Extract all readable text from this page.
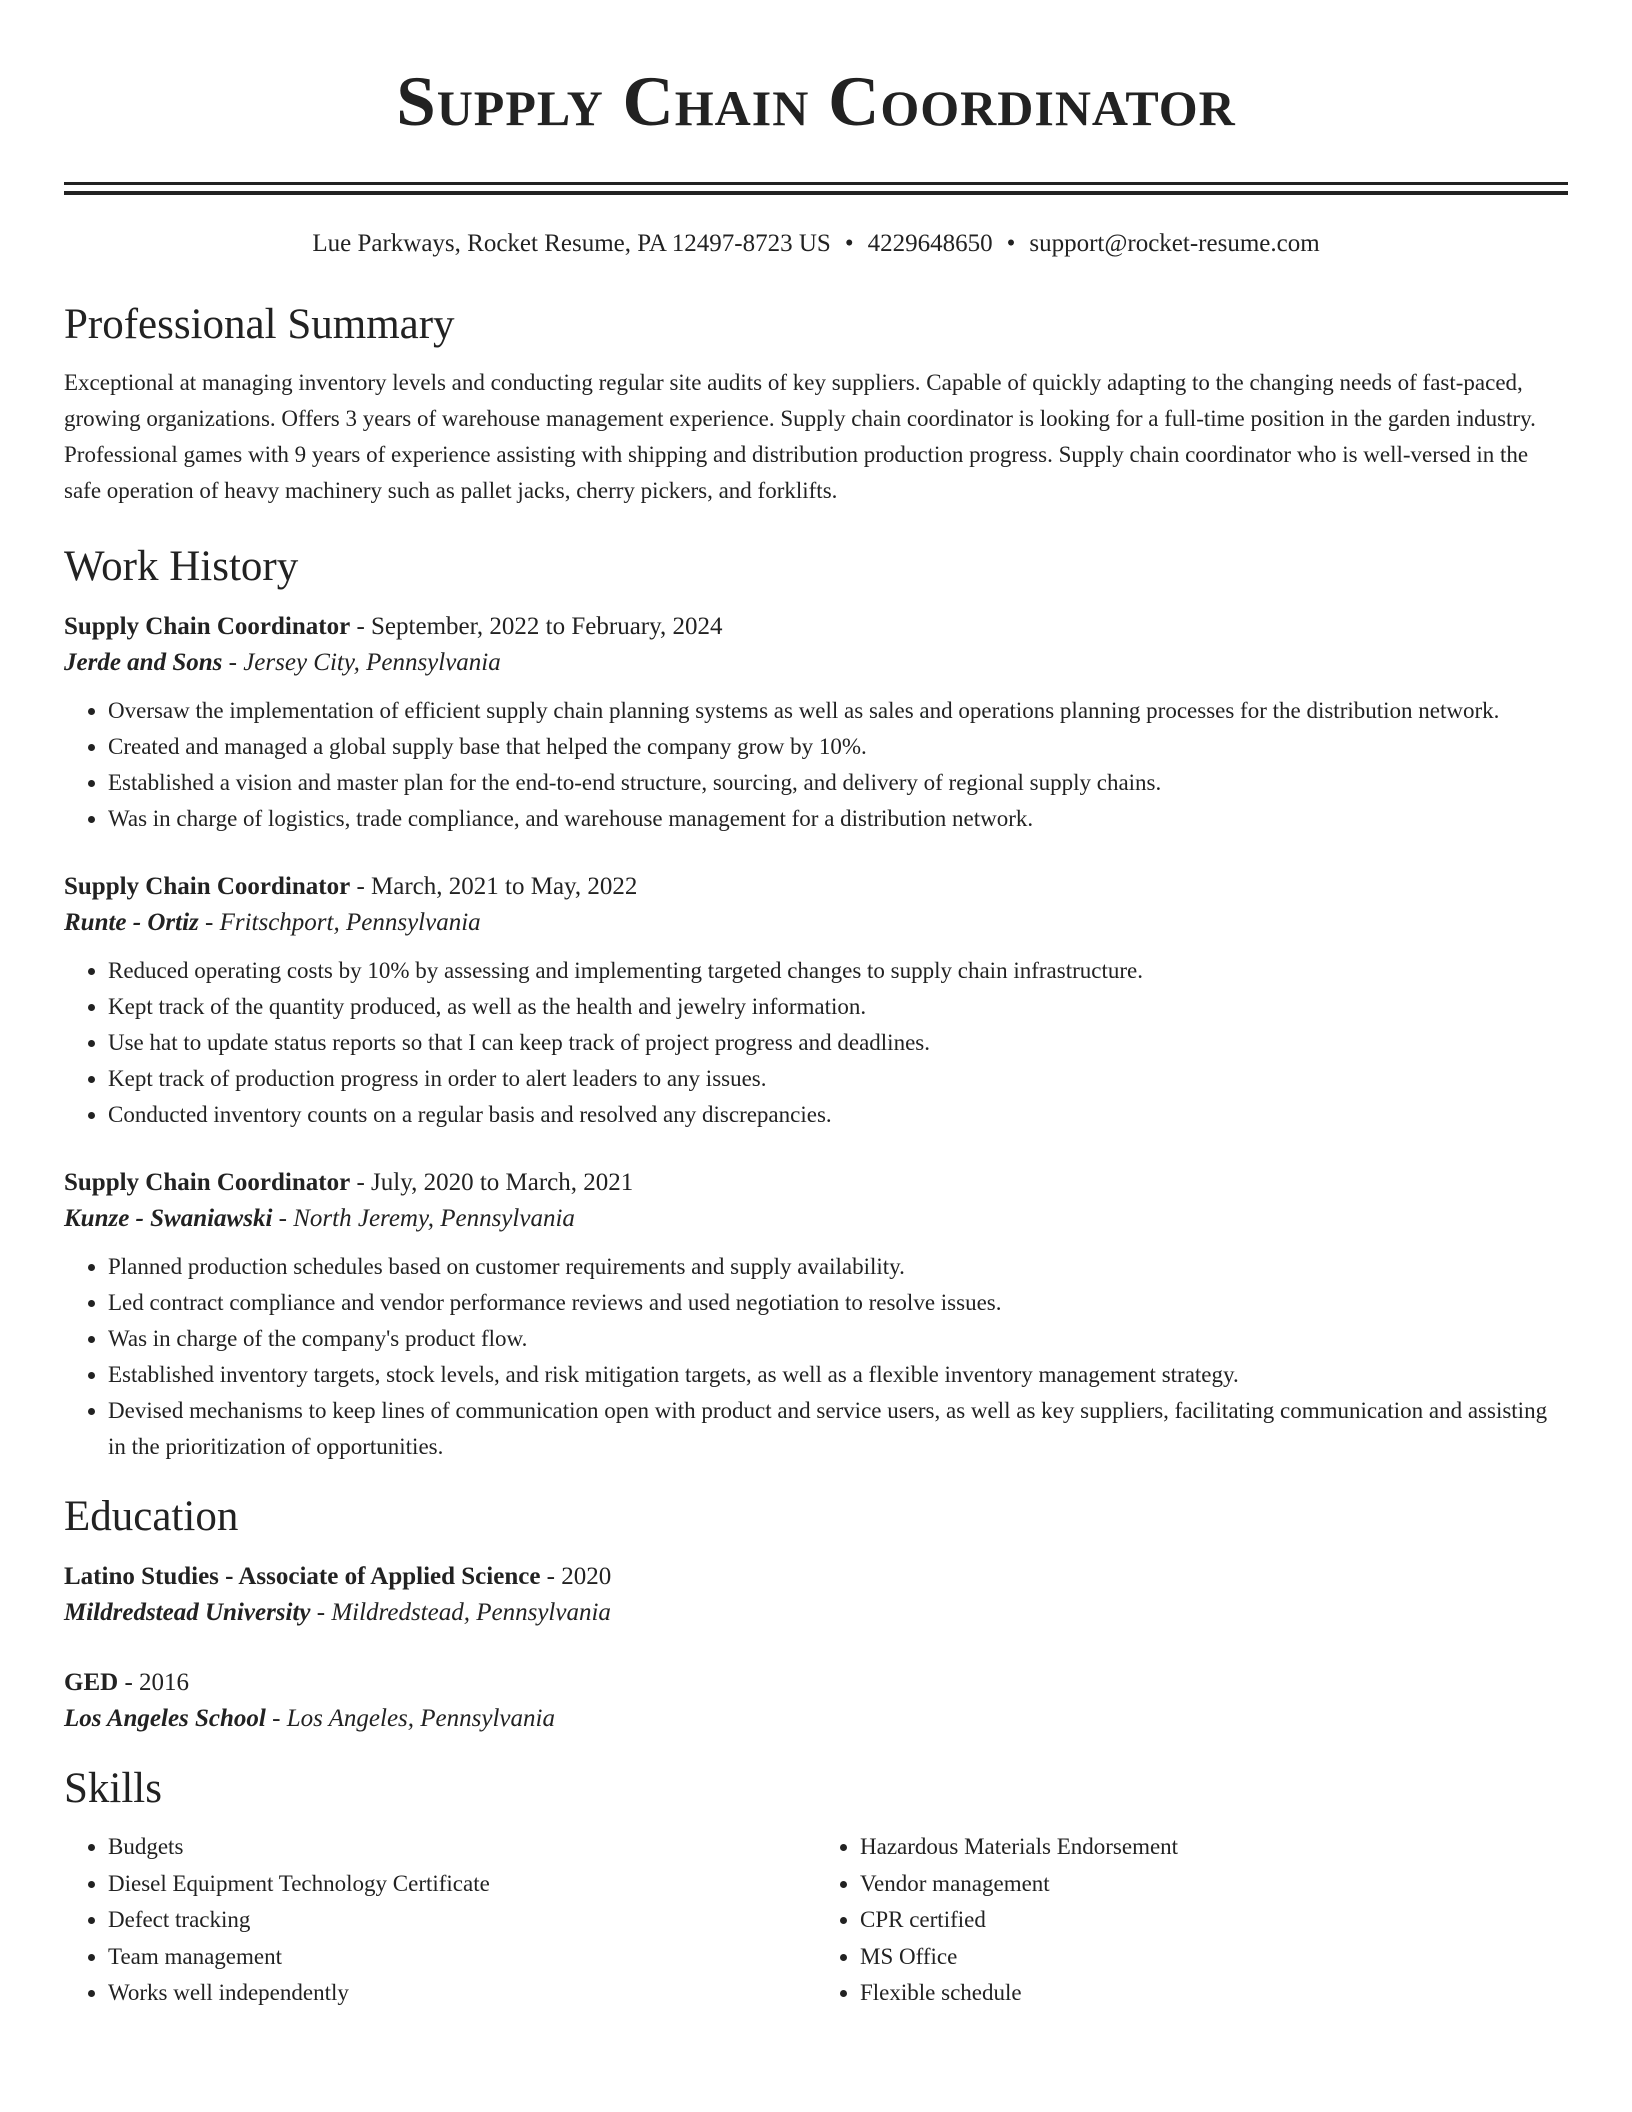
Supply Chain Coordinator
Lue Parkways, Rocket Resume, PA 12497-8723 US • 4229648650 • support@rocket-resume.com
Professional Summary

Exceptional at managing inventory levels and conducting regular site audits of key suppliers. Capable of quickly adapting to the changing needs of fast-paced, growing organizations. Offers 3 years of warehouse management experience. Supply chain coordinator is looking for a full-time position in the garden industry. Professional games with 9 years of experience assisting with shipping and distribution production progress. Supply chain coordinator who is well-versed in the safe operation of heavy machinery such as pallet jacks, cherry pickers, and forklifts.

Work History
Supply Chain Coordinator - September, 2022 to February, 2024
Jerde and Sons - Jersey City, Pennsylvania
• Oversaw the implementation of efficient supply chain planning systems as well as sales and operations planning processes for the distribution network.
• Created and managed a global supply base that helped the company grow by 10%.
• Established a vision and master plan for the end-to-end structure, sourcing, and delivery of regional supply chains.
• Was in charge of logistics, trade compliance, and warehouse management for a distribution network.
Supply Chain Coordinator - March, 2021 to May, 2022
Runte - Ortiz - Fritschport, Pennsylvania
• Reduced operating costs by 10% by assessing and implementing targeted changes to supply chain infrastructure.
• Kept track of the quantity produced, as well as the health and jewelry information.
• Use hat to update status reports so that I can keep track of project progress and deadlines.
• Kept track of production progress in order to alert leaders to any issues.
• Conducted inventory counts on a regular basis and resolved any discrepancies.
Supply Chain Coordinator - July, 2020 to March, 2021
Kunze - Swaniawski - North Jeremy, Pennsylvania
• Planned production schedules based on customer requirements and supply availability.
• Led contract compliance and vendor performance reviews and used negotiation to resolve issues.
• Was in charge of the company's product flow.
• Established inventory targets, stock levels, and risk mitigation targets, as well as a flexible inventory management strategy.
• Devised mechanisms to keep lines of communication open with product and service users, as well as key suppliers, facilitating communication and assisting in the prioritization of opportunities.
Education
Latino Studies - Associate of Applied Science - 2020
Mildredstead University - Mildredstead, Pennsylvania
GED - 2016
Los Angeles School - Los Angeles, Pennsylvania
Skills
• Budgets
• Diesel Equipment Technology Certificate
• Defect tracking
• Team management
• Works well independently
• Hazardous Materials Endorsement
• Vendor management
• CPR certified
• MS Office
• Flexible schedule
